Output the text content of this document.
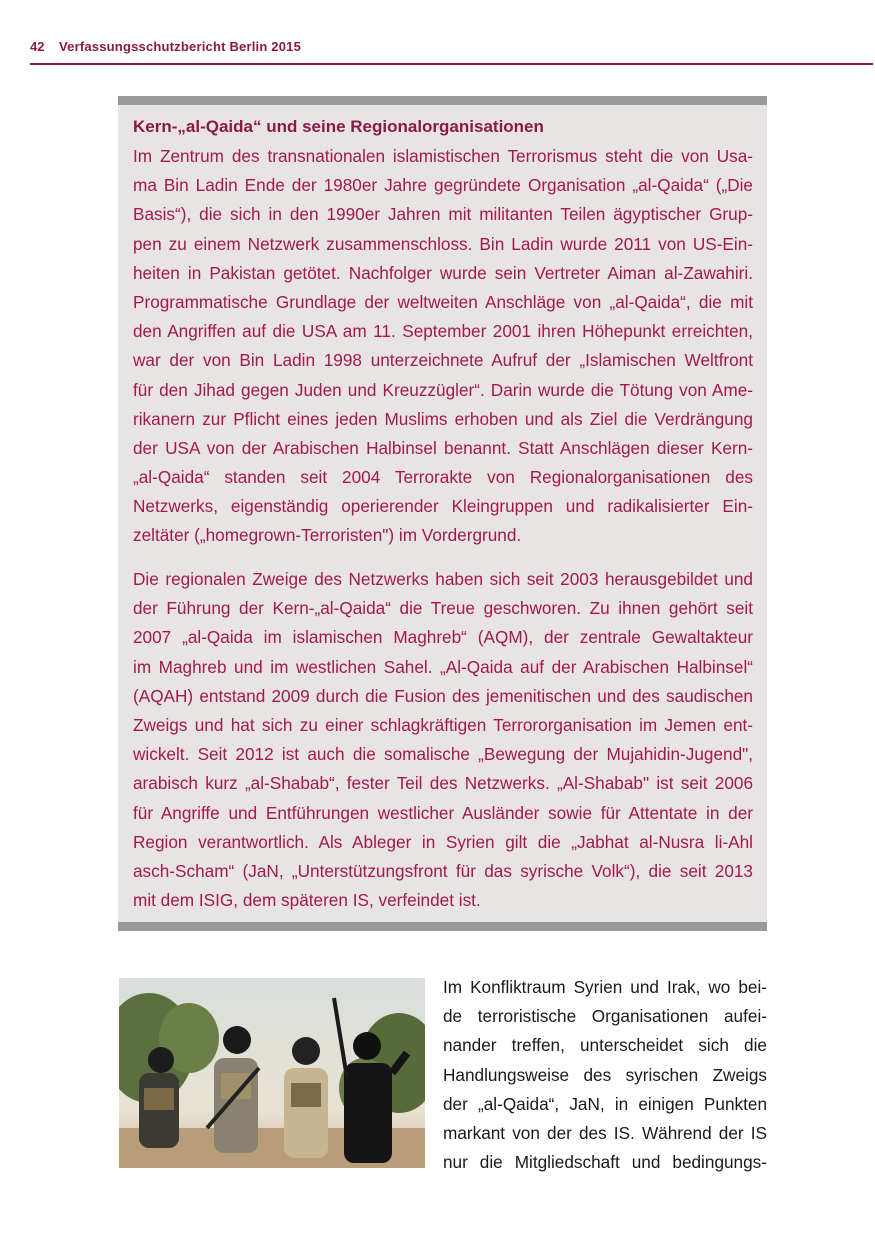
42 Verfassungsschutzbericht Berlin 2015
Kern-„al-Qaida“ und seine Regionalorganisationen

Im Zentrum des transnationalen islamistischen Terrorismus steht die von Usa-
ma Bin Ladin Ende der 1980er Jahre gegründete Organisation „al-Qaida“ („Die
Basis“), die sich in den 1990er Jahren mit militanten Teilen ägyptischer Grup-
pen zu einem Netzwerk zusammenschloss. Bin Ladin wurde 2011 von US-Ein-
heiten in Pakistan getötet. Nachfolger wurde sein Vertreter Aiman al-Zawahiri.
Programmatische Grundlage der weltweiten Anschläge von „al-Qaida“, die mit
den Angriffen auf die USA am 11. September 2001 ihren Höhepunkt erreichten,
war der von Bin Ladin 1998 unterzeichnete Aufruf der „Islamischen Weltfront
für den Jihad gegen Juden und Kreuzzügler“. Darin wurde die Tötung von Ame-
rikanern zur Pflicht eines jeden Muslims erhoben und als Ziel die Verdrängung
der USA von der Arabischen Halbinsel benannt. Statt Anschlägen dieser Kern-
„al-Qaida“ standen seit 2004 Terrorakte von Regionalorganisationen des
Netzwerks, eigenständig operierender Kleingruppen und radikalisierter Ein-
zeltäter („homegrown-Terroristen") im Vordergrund.

Die regionalen Zweige des Netzwerks haben sich seit 2003 herausgebildet und
der Führung der Kern-„al-Qaida“ die Treue geschworen. Zu ihnen gehört seit
2007 „al-Qaida im islamischen Maghreb“ (AQM), der zentrale Gewaltakteur
im Maghreb und im westlichen Sahel. „Al-Qaida auf der Arabischen Halbinsel“
(AQAH) entstand 2009 durch die Fusion des jemenitischen und des saudischen
Zweigs und hat sich zu einer schlagkräftigen Terrororganisation im Jemen ent-
wickelt. Seit 2012 ist auch die somalische „Bewegung der Mujahidin-Jugend",
arabisch kurz „al-Shabab“, fester Teil des Netzwerks. „Al-Shabab" ist seit 2006
für Angriffe und Entführungen westlicher Ausländer sowie für Attentate in der
Region verantwortlich. Als Ableger in Syrien gilt die „Jabhat al-Nusra li-Ahl
asch-Scham“ (JaN, „Unterstützungsfront für das syrische Volk“), die seit 2013
mit dem ISIG, dem späteren IS, verfeindet ist.

Im Konfliktraum Syrien und Irak, wo bei-
de terroristische Organisationen aufei-
nander treffen, unterscheidet sich die
Handlungsweise des syrischen Zweigs
der „al-Qaida“, JaN, in einigen Punkten
markant von der des IS. Während der IS
nur die Mitgliedschaft und bedingungs-
